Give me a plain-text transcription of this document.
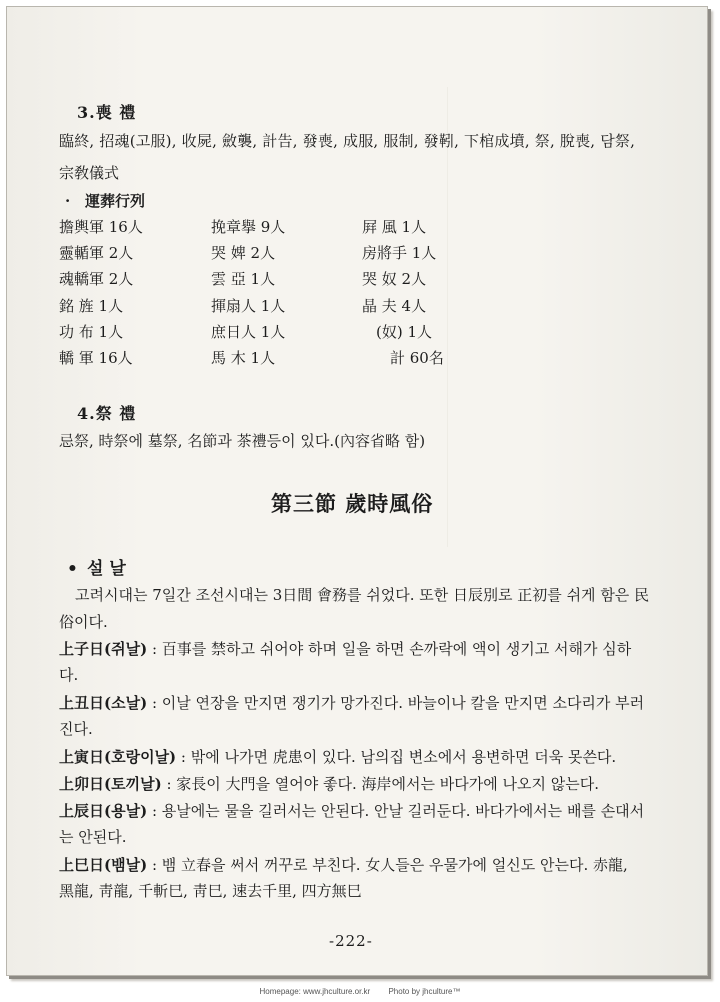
3.喪 禮
臨終, 招魂(고服), 收屍, 斂襲, 計告, 發喪, 成服, 服制, 發靷, 下棺成墳, 祭, 脫喪, 담祭,
宗敎儀式
· 運葬行列
擔輿軍 16人
靈輴軍 2人
魂轎軍 2人
銘 旌 1人
功 布 1人
轎 軍 16人
挽章擧 9人
哭 婢 2人
雲 亞 1人
揮扇人 1人
庶日人 1人
馬 木 1人
屛 風 1人
房將手 1人
哭 奴 2人
晶 夫 4人
(奴) 1人
計 60名
4.祭 禮
忌祭, 時祭에 墓祭, 名節과 茶禮등이 있다.(內容省略 함)
第三節 歲時風俗
• 설 날
고려시대는 7일간 조선시대는 3日間 會務를 쉬었다. 또한 日辰別로 正初를 쉬게 함은 民
俗이다.
上子日(쥐날) : 百事를 禁하고 쉬어야 하며 일을 하면 손까락에 액이 생기고 서해가 심하
다.
上丑日(소날) : 이날 연장을 만지면 쟁기가 망가진다. 바늘이나 칼을 만지면 소다리가 부러
진다.
上寅日(호랑이날) : 밖에 나가면 虎患이 있다. 남의집 변소에서 용변하면 더욱 못쓴다.
上卯日(토끼날) : 家長이 大門을 열어야 좋다. 海岸에서는 바다가에 나오지 않는다.
上辰日(용날) : 용날에는 물을 길러서는 안된다. 안날 길러둔다. 바다가에서는 배를 손대서
는 안된다.
上巳日(뱀날) : 뱀 立春을 써서 꺼꾸로 부친다. 女人들은 우물가에 얼신도 안는다. 赤龍,
黑龍, 靑龍, 千斬巳, 靑巳, 速去千里, 四方無巳
-222-
Homepage: www.jhculture.or.kr Photo by jhculture™
